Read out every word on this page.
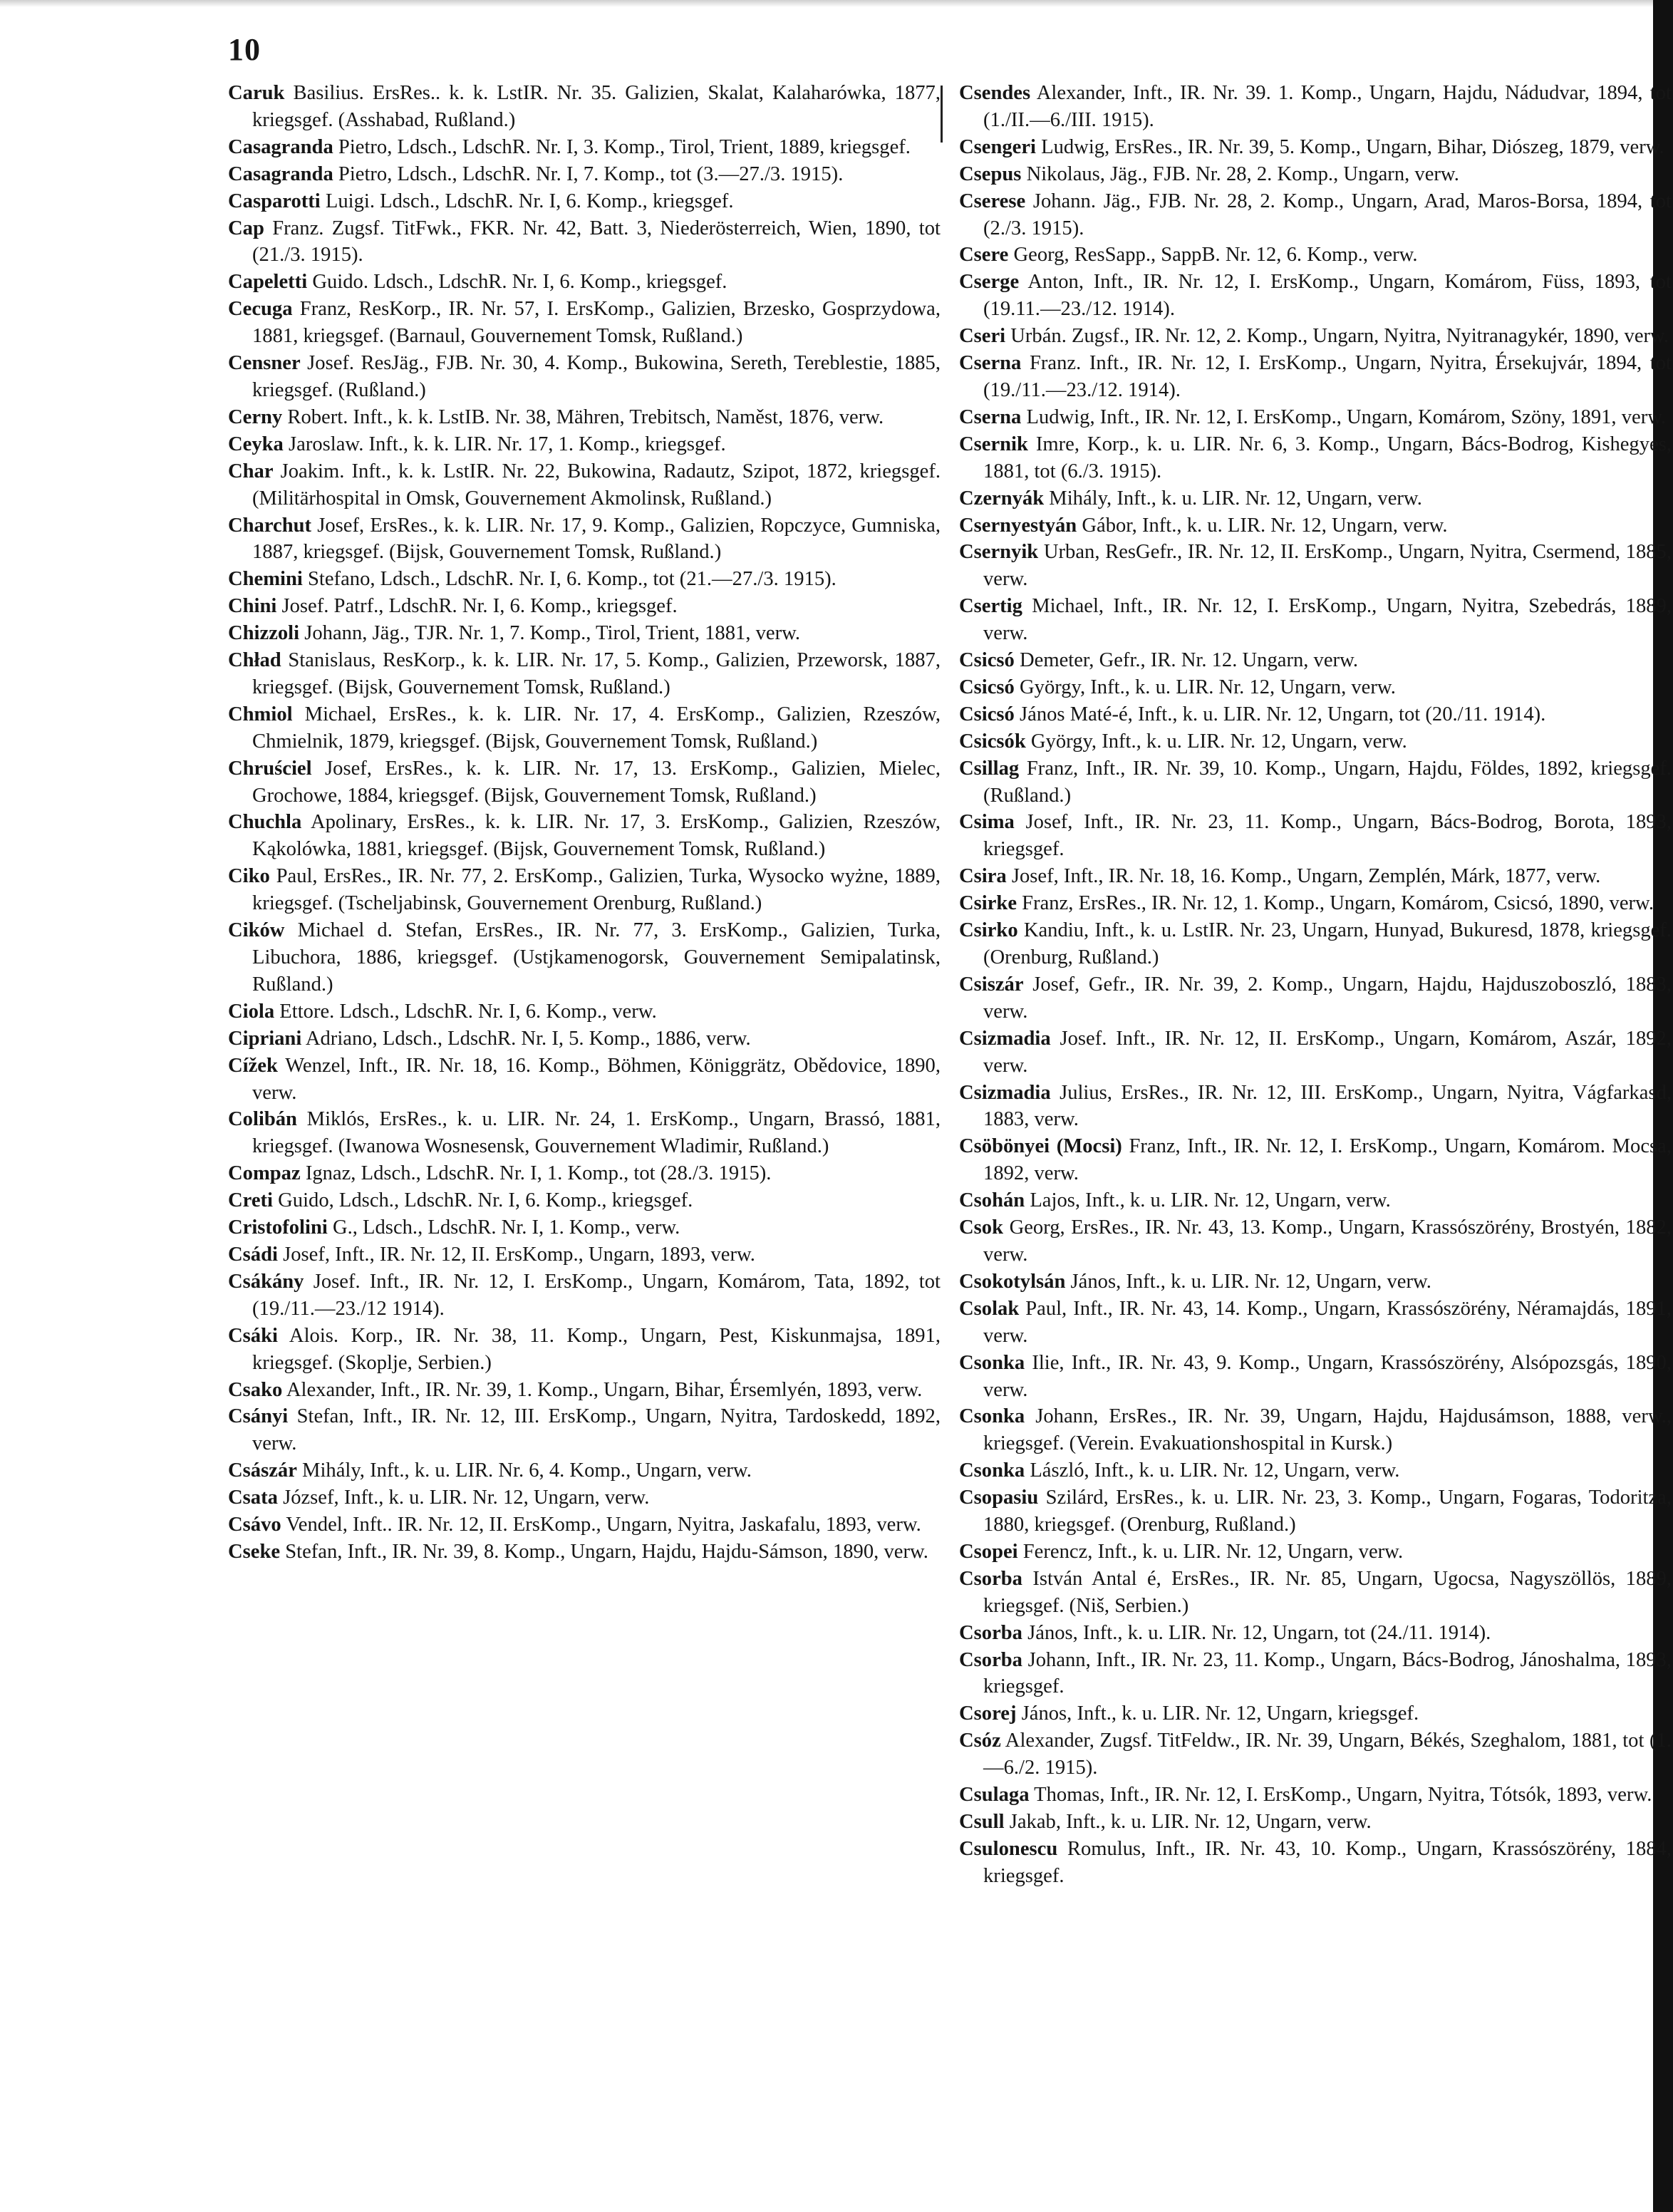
10

Caruk Basilius. ErsRes.. k. k. LstIR. Nr. 35. Galizien, Skalat, Kalaharówka, 1877, kriegsgef. (Asshabad, Rußland.)

Casagranda Pietro, Ldsch., LdschR. Nr. I, 3. Komp., Tirol, Trient, 1889, kriegsgef.

Casagranda Pietro, Ldsch., LdschR. Nr. I, 7. Komp., tot (3.—27./3. 1915).

Casparotti Luigi. Ldsch., LdschR. Nr. I, 6. Komp., kriegsgef.

Cap Franz. Zugsf. TitFwk., FKR. Nr. 42, Batt. 3, Niederösterreich, Wien, 1890, tot (21./3. 1915).

Capeletti Guido. Ldsch., LdschR. Nr. I, 6. Komp., kriegsgef.

Cecuga Franz, ResKorp., IR. Nr. 57, I. ErsKomp., Galizien, Brzesko, Gosprzydowa, 1881, kriegsgef. (Barnaul, Gouvernement Tomsk, Rußland.)

Censner Josef. ResJäg., FJB. Nr. 30, 4. Komp., Bukowina, Sereth, Tereblestie, 1885, kriegsgef. (Rußland.)

Cerny Robert. Inft., k. k. LstIB. Nr. 38, Mähren, Trebitsch, Naměst, 1876, verw.

Ceyka Jaroslaw. Inft., k. k. LIR. Nr. 17, 1. Komp., kriegsgef.

Char Joakim. Inft., k. k. LstIR. Nr. 22, Bukowina, Radautz, Szipot, 1872, kriegsgef. (Militärhospital in Omsk, Gouvernement Akmolinsk, Rußland.)

Charchut Josef, ErsRes., k. k. LIR. Nr. 17, 9. Komp., Galizien, Ropczyce, Gumniska, 1887, kriegsgef. (Bijsk, Gouvernement Tomsk, Rußland.)

Chemini Stefano, Ldsch., LdschR. Nr. I, 6. Komp., tot (21.—27./3. 1915).

Chini Josef. Patrf., LdschR. Nr. I, 6. Komp., kriegsgef.

Chizzoli Johann, Jäg., TJR. Nr. 1, 7. Komp., Tirol, Trient, 1881, verw.

Chład Stanislaus, ResKorp., k. k. LIR. Nr. 17, 5. Komp., Galizien, Przeworsk, 1887, kriegsgef. (Bijsk, Gouvernement Tomsk, Rußland.)

Chmiol Michael, ErsRes., k. k. LIR. Nr. 17, 4. ErsKomp., Galizien, Rzeszów, Chmielnik, 1879, kriegsgef. (Bijsk, Gouvernement Tomsk, Rußland.)

Chruściel Josef, ErsRes., k. k. LIR. Nr. 17, 13. ErsKomp., Galizien, Mielec, Grochowe, 1884, kriegsgef. (Bijsk, Gouvernement Tomsk, Rußland.)

Chuchla Apolinary, ErsRes., k. k. LIR. Nr. 17, 3. ErsKomp., Galizien, Rzeszów, Kąkolówka, 1881, kriegsgef. (Bijsk, Gouvernement Tomsk, Rußland.)

Ciko Paul, ErsRes., IR. Nr. 77, 2. ErsKomp., Galizien, Turka, Wysocko wyżne, 1889, kriegsgef. (Tscheljabinsk, Gouvernement Orenburg, Rußland.)

Cików Michael d. Stefan, ErsRes., IR. Nr. 77, 3. ErsKomp., Galizien, Turka, Libuchora, 1886, kriegsgef. (Ustjkamenogorsk, Gouvernement Semipalatinsk, Rußland.)

Ciola Ettore. Ldsch., LdschR. Nr. I, 6. Komp., verw.

Cipriani Adriano, Ldsch., LdschR. Nr. I, 5. Komp., 1886, verw.

Cížek Wenzel, Inft., IR. Nr. 18, 16. Komp., Böhmen, Königgrätz, Obědovice, 1890, verw.

Colibán Miklós, ErsRes., k. u. LIR. Nr. 24, 1. ErsKomp., Ungarn, Brassó, 1881, kriegsgef. (Iwanowa Wosnesensk, Gouvernement Wladimir, Rußland.)

Compaz Ignaz, Ldsch., LdschR. Nr. I, 1. Komp., tot (28./3. 1915).

Creti Guido, Ldsch., LdschR. Nr. I, 6. Komp., kriegsgef.

Cristofolini G., Ldsch., LdschR. Nr. I, 1. Komp., verw.

Csádi Josef, Inft., IR. Nr. 12, II. ErsKomp., Ungarn, 1893, verw.

Csákány Josef. Inft., IR. Nr. 12, I. ErsKomp., Ungarn, Komárom, Tata, 1892, tot (19./11.—23./12 1914).

Csáki Alois. Korp., IR. Nr. 38, 11. Komp., Ungarn, Pest, Kiskunmajsa, 1891, kriegsgef. (Skoplje, Serbien.)

Csako Alexander, Inft., IR. Nr. 39, 1. Komp., Ungarn, Bihar, Érsemlyén, 1893, verw.

Csányi Stefan, Inft., IR. Nr. 12, III. ErsKomp., Ungarn, Nyitra, Tardoskedd, 1892, verw.

Császár Mihály, Inft., k. u. LIR. Nr. 6, 4. Komp., Ungarn, verw.

Csata József, Inft., k. u. LIR. Nr. 12, Ungarn, verw.

Csávo Vendel, Inft.. IR. Nr. 12, II. ErsKomp., Ungarn, Nyitra, Jaskafalu, 1893, verw.

Cseke Stefan, Inft., IR. Nr. 39, 8. Komp., Ungarn, Hajdu, Hajdu-Sámson, 1890, verw.

Csendes Alexander, Inft., IR. Nr. 39. 1. Komp., Ungarn, Hajdu, Nádudvar, 1894, tot (1./II.—6./III. 1915).

Csengeri Ludwig, ErsRes., IR. Nr. 39, 5. Komp., Ungarn, Bihar, Diószeg, 1879, verw.

Csepus Nikolaus, Jäg., FJB. Nr. 28, 2. Komp., Ungarn, verw.

Cserese Johann. Jäg., FJB. Nr. 28, 2. Komp., Ungarn, Arad, Maros-Borsa, 1894, tot (2./3. 1915).

Csere Georg, ResSapp., SappB. Nr. 12, 6. Komp., verw.

Cserge Anton, Inft., IR. Nr. 12, I. ErsKomp., Ungarn, Komárom, Füss, 1893, tot (19.11.—23./12. 1914).

Cseri Urbán. Zugsf., IR. Nr. 12, 2. Komp., Ungarn, Nyitra, Nyitranagykér, 1890, verw.

Cserna Franz. Inft., IR. Nr. 12, I. ErsKomp., Ungarn, Nyitra, Érsekujvár, 1894, tot (19./11.—23./12. 1914).

Cserna Ludwig, Inft., IR. Nr. 12, I. ErsKomp., Ungarn, Komárom, Szöny, 1891, verw.

Csernik Imre, Korp., k. u. LIR. Nr. 6, 3. Komp., Ungarn, Bács-Bodrog, Kishegyes, 1881, tot (6./3. 1915).

Czernyák Mihály, Inft., k. u. LIR. Nr. 12, Ungarn, verw.

Csernyestyán Gábor, Inft., k. u. LIR. Nr. 12, Ungarn, verw.

Csernyik Urban, ResGefr., IR. Nr. 12, II. ErsKomp., Ungarn, Nyitra, Csermend, 1885, verw.

Csertig Michael, Inft., IR. Nr. 12, I. ErsKomp., Ungarn, Nyitra, Szebedrás, 1889, verw.

Csicsó Demeter, Gefr., IR. Nr. 12. Ungarn, verw.

Csicsó György, Inft., k. u. LIR. Nr. 12, Ungarn, verw.

Csicsó János Maté-é, Inft., k. u. LIR. Nr. 12, Ungarn, tot (20./11. 1914).

Csicsók György, Inft., k. u. LIR. Nr. 12, Ungarn, verw.

Csillag Franz, Inft., IR. Nr. 39, 10. Komp., Ungarn, Hajdu, Földes, 1892, kriegsgef. (Rußland.)

Csima Josef, Inft., IR. Nr. 23, 11. Komp., Ungarn, Bács-Bodrog, Borota, 1893, kriegsgef.

Csira Josef, Inft., IR. Nr. 18, 16. Komp., Ungarn, Zemplén, Márk, 1877, verw.

Csirke Franz, ErsRes., IR. Nr. 12, 1. Komp., Ungarn, Komárom, Csicsó, 1890, verw.

Csirko Kandiu, Inft., k. u. LstIR. Nr. 23, Ungarn, Hunyad, Bukuresd, 1878, kriegsgef. (Orenburg, Rußland.)

Csiszár Josef, Gefr., IR. Nr. 39, 2. Komp., Ungarn, Hajdu, Hajduszoboszló, 1883, verw.

Csizmadia Josef. Inft., IR. Nr. 12, II. ErsKomp., Ungarn, Komárom, Aszár, 1892, verw.

Csizmadia Julius, ErsRes., IR. Nr. 12, III. ErsKomp., Ungarn, Nyitra, Vágfarkasd, 1883, verw.

Csöbönyei (Mocsi) Franz, Inft., IR. Nr. 12, I. ErsKomp., Ungarn, Komárom. Mocsa, 1892, verw.

Csohán Lajos, Inft., k. u. LIR. Nr. 12, Ungarn, verw.

Csok Georg, ErsRes., IR. Nr. 43, 13. Komp., Ungarn, Krassószörény, Brostyén, 1882, verw.

Csokotylsán János, Inft., k. u. LIR. Nr. 12, Ungarn, verw.

Csolak Paul, Inft., IR. Nr. 43, 14. Komp., Ungarn, Krassószörény, Néramajdás, 1891, verw.

Csonka Ilie, Inft., IR. Nr. 43, 9. Komp., Ungarn, Krassószörény, Alsópozsgás, 1890, verw.

Csonka Johann, ErsRes., IR. Nr. 39, Ungarn, Hajdu, Hajdusámson, 1888, verw., kriegsgef. (Verein. Evakuationshospital in Kursk.)

Csonka László, Inft., k. u. LIR. Nr. 12, Ungarn, verw.

Csopasiu Szilárd, ErsRes., k. u. LIR. Nr. 23, 3. Komp., Ungarn, Fogaras, Todoritza, 1880, kriegsgef. (Orenburg, Rußland.)

Csopei Ferencz, Inft., k. u. LIR. Nr. 12, Ungarn, verw.

Csorba István Antal é, ErsRes., IR. Nr. 85, Ungarn, Ugocsa, Nagyszöllös, 1889, kriegsgef. (Niš, Serbien.)

Csorba János, Inft., k. u. LIR. Nr. 12, Ungarn, tot (24./11. 1914).

Csorba Johann, Inft., IR. Nr. 23, 11. Komp., Ungarn, Bács-Bodrog, Jánoshalma, 1893, kriegsgef.

Csorej János, Inft., k. u. LIR. Nr. 12, Ungarn, kriegsgef.

Csóz Alexander, Zugsf. TitFeldw., IR. Nr. 39, Ungarn, Békés, Szeghalom, 1881, tot (1.—6./2. 1915).

Csulaga Thomas, Inft., IR. Nr. 12, I. ErsKomp., Ungarn, Nyitra, Tótsók, 1893, verw.

Csull Jakab, Inft., k. u. LIR. Nr. 12, Ungarn, verw.

Csulonescu Romulus, Inft., IR. Nr. 43, 10. Komp., Ungarn, Krassószörény, 1884, kriegsgef.
